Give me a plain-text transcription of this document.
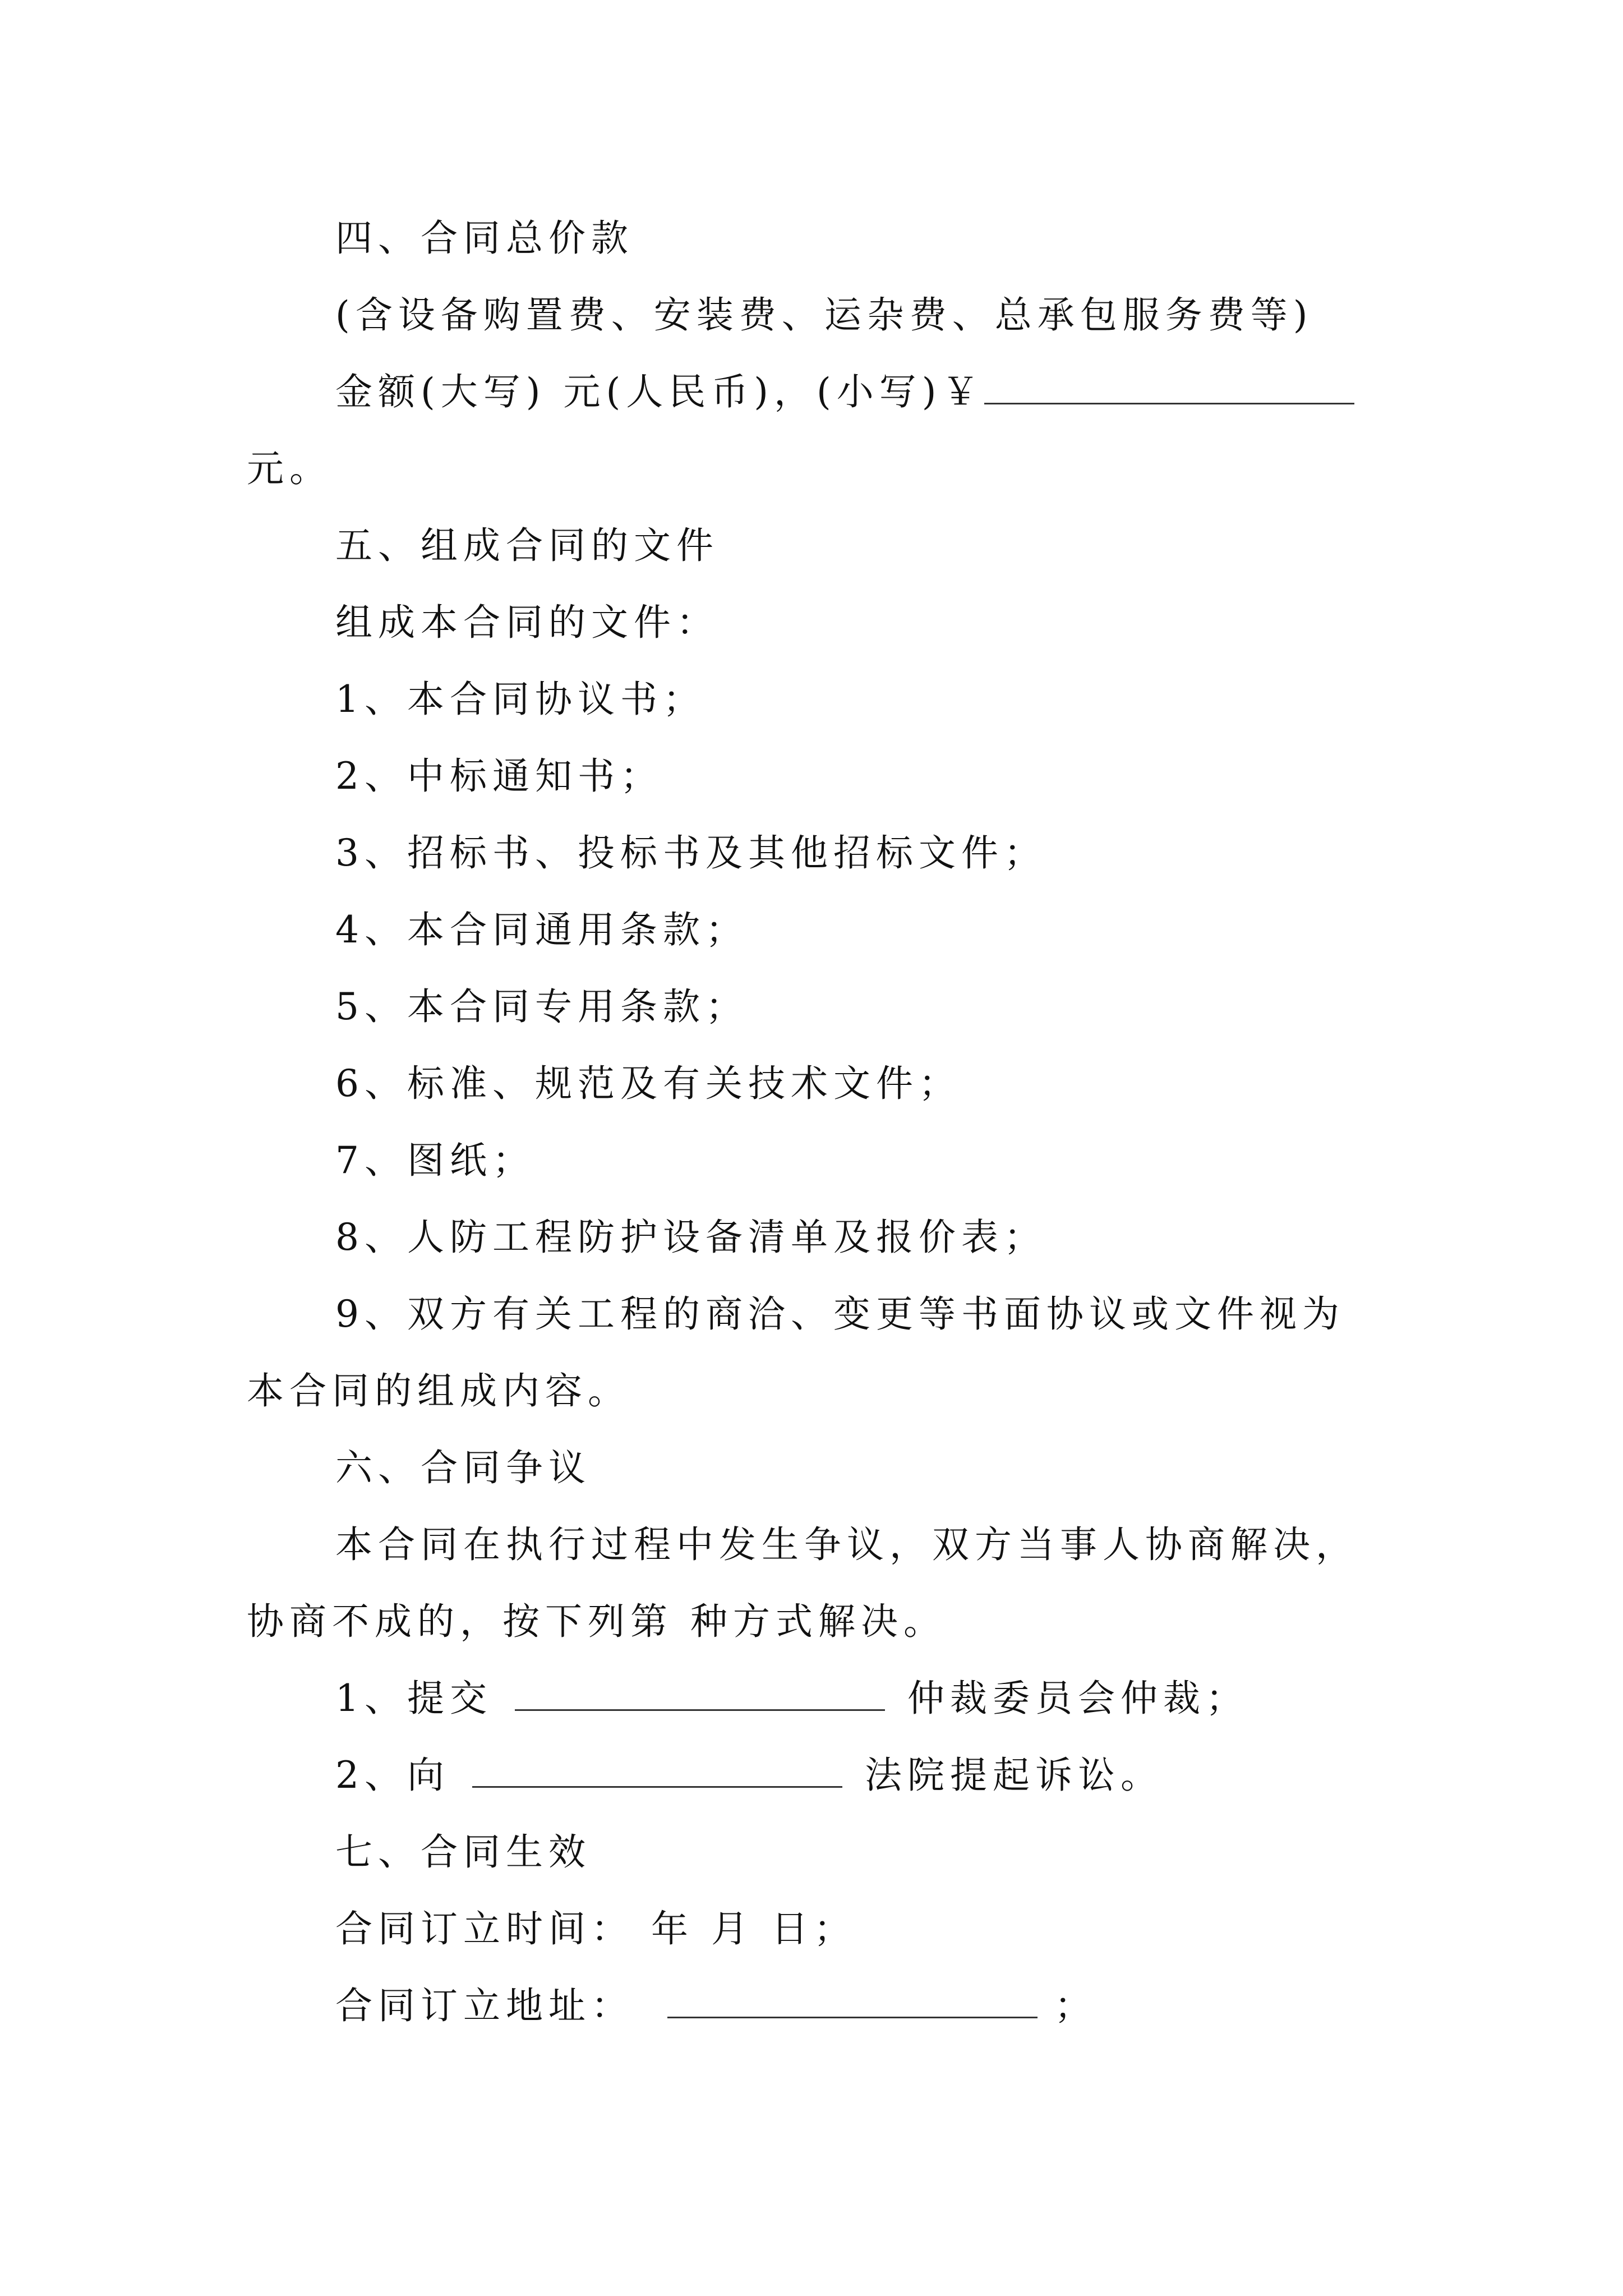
四、合同总价款
(含设备购置费、安装费、运杂费、总承包服务费等)
金额(大写) 元(人民币)，(小写)￥
元。
五、组成合同的文件
组成本合同的文件：
1、本合同协议书；
2、中标通知书；
3、招标书、投标书及其他招标文件；
4、本合同通用条款；
5、本合同专用条款；
6、标准、规范及有关技术文件；
7、图纸；
8、人防工程防护设备清单及报价表；
9、双方有关工程的商洽、变更等书面协议或文件视为
本合同的组成内容。
六、合同争议
本合同在执行过程中发生争议，双方当事人协商解决，
协商不成的，按下列第 种方式解决。
1、提交	仲裁委员会仲裁；
2、向	法院提起诉讼。
七、合同生效
合同订立时间： 年 月 日；
合同订立地址：	；
